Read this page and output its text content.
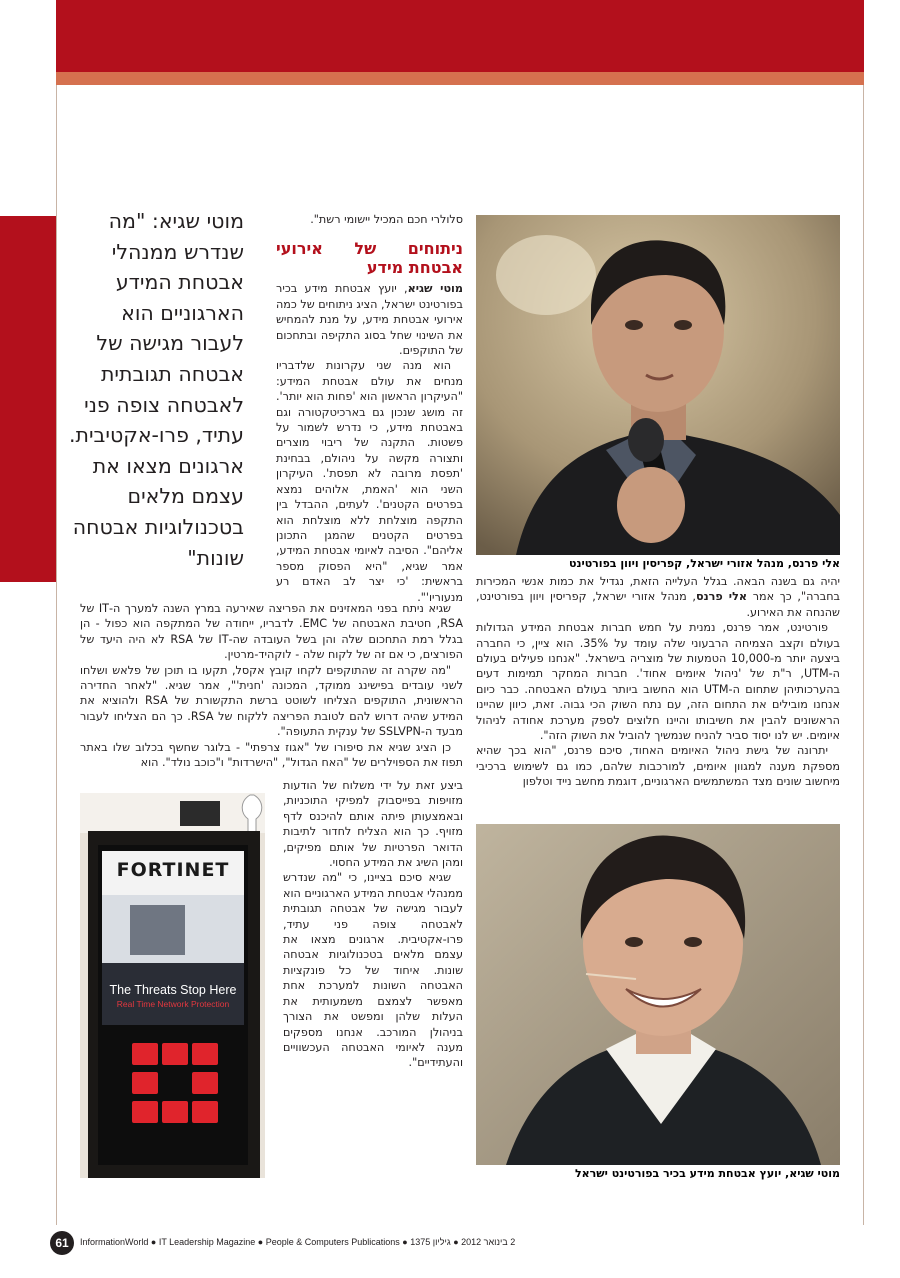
אלי פרנס, מנהל אזורי ישראל, קפריסין ויוון בפורטינט
מוטי שגיא, יועץ אבטחת מידע בכיר בפורטינט ישראל

יהיה גם בשנה הבאה. בגלל העלייה הזאת, נגדיל את כמות אנשי המכירות בחברה", כך אמר אלי פרנס, מנהל אזורי ישראל, קפריסין ויוון בפורטינט, שהנחה את האירוע.

פורטינט, אמר פרנס, נמנית על חמש חברות אבטחת המידע הגדולות בעולם וקצב הצמיחה הרבעוני שלה עומד על 35%. הוא ציין, כי החברה ביצעה יותר מ-10,000 הטמעות של מוצריה בישראל. "אנחנו פעילים בעולם ה-UTM, ר"ת של 'ניהול איומים אחוד'. חברות המחקר תמימות דעים בהערכותיהן שתחום ה-UTM הוא החשוב ביותר בעולם האבטחה. כבר כיום אנחנו מובילים את התחום הזה, עם נתח השוק הכי גבוה. זאת, כיוון שהיינו הראשונים להבין את חשיבותו והיינו חלוצים לספק מערכת אחודה לניהול איומים. יש לנו יסוד סביר להניח שנמשיך להוביל את השוק הזה".

יתרונה של גישת ניהול האיומים האחוד, סיכם פרנס, "הוא בכך שהיא מספקת מענה למגוון איומים, למורכבות שלהם, כמו גם לשימוש ברכיבי מיחשוב שונים מצד המשתמשים הארגוניים, דוגמת מחשב נייד וטלפון

סלולרי חכם המכיל יישומי רשת".

ניתוחים של אירועי אבטחת מידע

מוטי שגיא, יועץ אבטחת מידע בכיר בפורטינט ישראל, הציג ניתוחים של כמה אירועי אבטחת מידע, על מנת להמחיש את השינוי שחל בסוג התקיפה ובתחכום של התוקפים.

הוא מנה שני עקרונות שלדבריו מנחים את עולם אבטחת המידע: "העיקרון הראשון הוא 'פחות הוא יותר'. זה מושג שנכון גם בארכיטקטורה וגם באבטחת מידע, כי נדרש לשמור על פשטות. התקנה של ריבוי מוצרים ותצורה מקשה על ניהולם, בבחינת 'תפסת מרובה לא תפסת'. העיקרון השני הוא 'האמת, אלוהים נמצא בפרטים הקטנים'. לעתים, ההבדל בין התקפה מוצלחת ללא מוצלחת הוא בפרטים הקטנים שהמגן התכונן אליהם". הסיבה לאיומי אבטחת המידע, אמר שגיא, "היא הפסוק מספר בראשית: 'כי יצר לב האדם רע מנעוריו'".

מוטי שגיא: "מה שנדרש ממנהלי אבטחת המידע הארגוניים הוא לעבור מגישה של אבטחה תגובתית לאבטחה צופה פני עתיד, פרו-אקטיבית. ארגונים מצאו את עצמם מלאים בטכנולוגיות אבטחה שונות"

שגיא ניתח בפני המאזינים את הפריצה שאירעה במרץ השנה למערך ה-IT של RSA, חטיבת האבטחה של EMC. לדבריו, ייחודה של המתקפה הוא כפול - הן בגלל רמת התחכום שלה והן בשל העובדה שה-IT של RSA לא היה היעד של הפורצים, כי אם זה של לקוח שלה - לוקהיד-מרטין.

"מה שקרה זה שהתוקפים לקחו קובץ אקסל, תקעו בו תוכן של פלאש ושלחו לשני עובדים בפישינג ממוקד, המכונה 'חנית'", אמר שגיא. "לאחר החדירה הראשונית, התוקפים הצליחו לשוטט ברשת התקשורת של RSA ולהוציא את המידע שהיה דרוש להם לטובת הפריצה ללקוח של RSA. כך הם הצליחו לעבור מבעד ה-SSLVPN של ענקית התעופה".

כן הציג שגיא את סיפורו של "אגוז צרפתי" - בלוגר שחשף בכלוב שלו באתר תפוז את הספוילרים של "האח הגדול", "הישרדות" ו"כוכב נולד". הוא

FORTINET
The Threats Stop Here
Real Time Network Protection

ביצע זאת על ידי משלוח של הודעות מזויפות בפייסבוק למפיקי התוכניות, ובאמצעותן פיתה אותם להיכנס לדף מזויף. כך הוא הצליח לחדור לתיבות הדואר הפרטיות של אותם מפיקים, ומהן השיג את המידע החסוי.

שגיא סיכם בציינו, כי "מה שנדרש ממנהלי אבטחת המידע הארגוניים הוא לעבור מגישה של אבטחה תגובתית לאבטחה צופה פני עתיד, פרו-אקטיבית. ארגונים מצאו את עצמם מלאים בטכנולוגיות אבטחה שונות. איחוד של כל פונקציות האבטחה השונות למערכת אחת מאפשר לצמצם משמעותית את העלות שלהן ומפשט את הצורך בניהולן המורכב. אנחנו מספקים מענה לאיומי האבטחה העכשוויים והעתידיים".

61	InformationWorld ● IT Leadership Magazine ● People & Computers Publications ●	2 בינואר 2012 ● גיליון 1375
